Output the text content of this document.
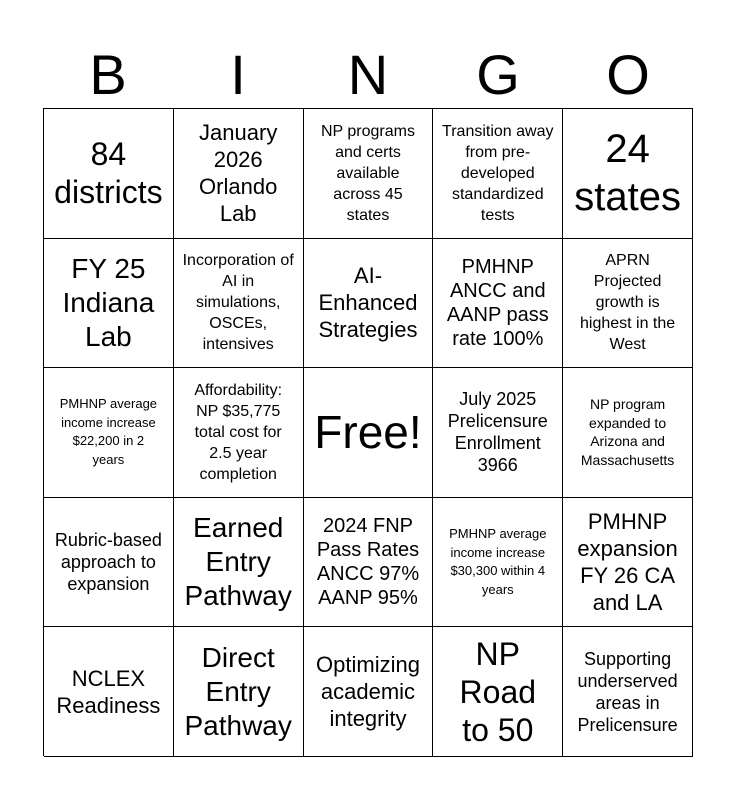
B	I	N	G	O
84 districts
January 2026 Orlando Lab
NP programs and certs available across 45 states
Transition away from pre-developed standardized tests
24 states
FY 25 Indiana Lab
Incorporation of AI in simulations, OSCEs, intensives
AI-Enhanced Strategies
PMHNP ANCC and AANP pass rate 100%
APRN Projected growth is highest in the West
PMHNP average income increase $22,200 in 2 years
Affordability: NP $35,775 total cost for 2.5 year completion
Free!
July 2025 Prelicensure Enrollment 3966
NP program expanded to Arizona and Massachusetts
Rubric-based approach to expansion
Earned Entry Pathway
2024 FNP Pass Rates ANCC 97% AANP 95%
PMHNP average income increase $30,300 within 4 years
PMHNP expansion FY 26 CA and LA
NCLEX Readiness
Direct Entry Pathway
Optimizing academic integrity
NP Road to 50
Supporting underserved areas in Prelicensure
